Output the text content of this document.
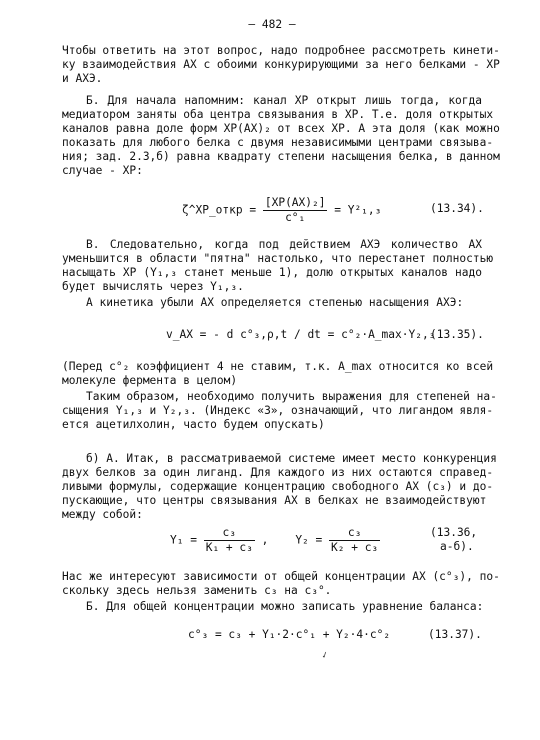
– 482 –
Чтобы ответить на этот вопрос, надо подробнее рассмотреть кинети-
ку взаимодействия АХ с обоими конкурирующими за него белками - ХР
и АХЭ.
Б. Для начала напомним: канал ХР открыт лишь тогда, когда
медиатором заняты оба центра связывания в ХР. Т.е. доля открытых
каналов равна доле форм ХР(АХ)₂ от всех ХР. А эта доля (как можно
показать для любого белка с двумя независимыми центрами связыва-
ния; зад. 2.3,б) равна квадрату степени насыщения белка, в данном
случае - ХР:
ζ^ХР_откр = $\frac{\text{[XP(AX)₂]}}{\text{c°₁}} = Y^2_1,_3$	(13.34).
В. Следовательно, когда под действием АХЭ количество АХ
уменьшится в области "пятна" настолько, что перестанет полностью
насыщать ХР (Y₁,₃ станет меньше 1), долю открытых каналов надо
будет вычислять через Y₁,₃.
А кинетика убыли АХ определяется степенью насыщения АХЭ:
v_AX = - d c°₃,ρ,t / dt = c°₂·A_max·Y₂,₃
(13.35).
(Перед c°₂ коэффициент 4 не ставим, т.к. A_max относится ко всей
молекуле фермента в целом)
Таким образом, необходимо получить выражения для степеней на-
сыщения Y₁,₃ и Y₂,₃. (Индекс «3», означающий, что лигандом явля-
ется ацетилхолин, часто будем опускать)
б) А. Итак, в рассматриваемой системе имеет место конкуренция
двух белков за один лиганд. Для каждого из них остаются справед-
ливыми формулы, содержащие концентрацию свободного АХ (c₃) и до-
пускающие, что центры связывания АХ в белках не взаимодействуют
между собой:
$Y_1 = \frac{\text{c₃}}{\text{K₁ + c₃}}$ ,    $Y_2 = \frac{\text{c₃}}{\text{K₂ + c₃}}$	(13.36,
а-б).
Нас же интересуют зависимости от общей концентрации АХ (c°₃), по-
скольку здесь нельзя заменить c₃ на c₃°.
Б. Для общей концентрации можно записать уравнение баланса:
c°₃ = c₃ + Y₁·2·c°₁ + Y₂·4·c°₂	(13.37).
✓
